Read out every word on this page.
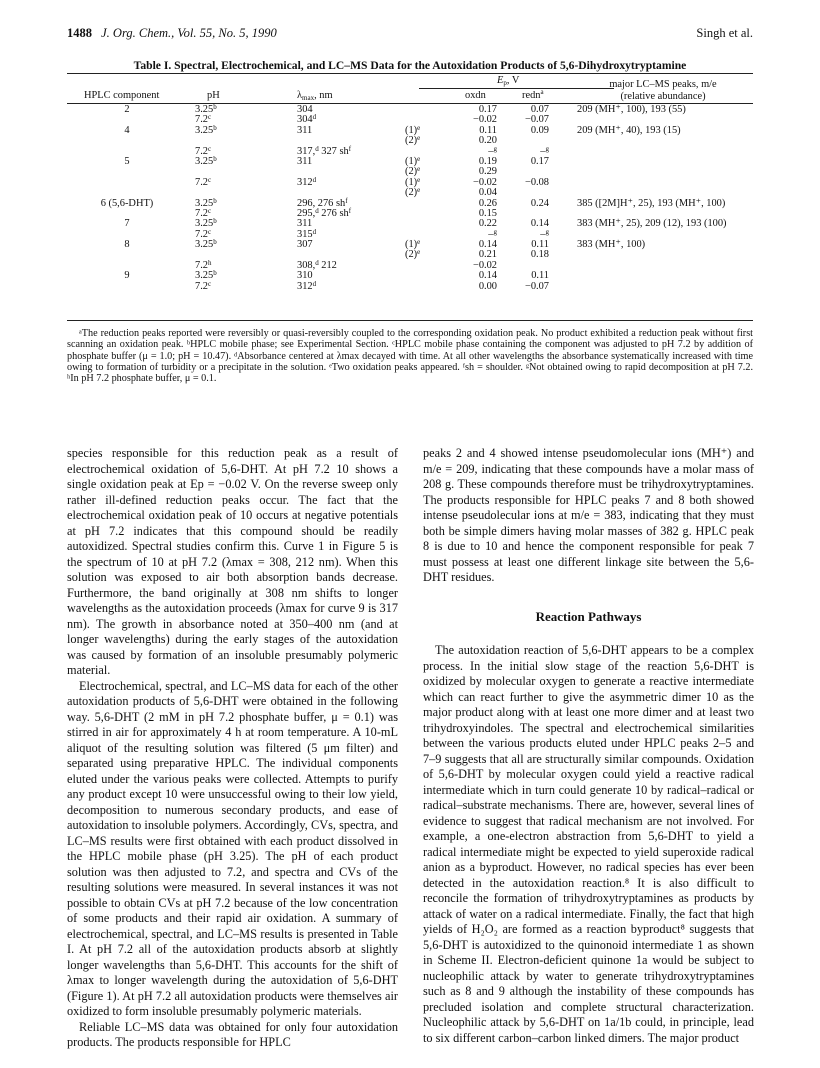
1488 J. Org. Chem., Vol. 55, No. 5, 1990	Singh et al.
Table I. Spectral, Electrochemical, and LC–MS Data for the Autoxidation Products of 5,6-Dihydroxytryptamine
$E_p$, V	major LC–MS peaks, m/e
(relative abundance)
HPLC component	pH	$\lambda_{max}$, nm	oxdn	redn$^a$
2	3.25$^b$	304	0.17	0.07	209 (MH⁺, 100), 193 (55)
7.2$^c$	$304^d$	−0.02	−0.07
4	3.25$^b$	311	$(1)^e$	0.11	0.09	209 (MH⁺, 40), 193 (15)
$(2)^e$	0.20
7.2$^c$	317,$^d$ 327 $sh^f$	–$^g$	–$^g$
5	3.25$^b$	311	$(1)^e$	0.19	0.17
$(2)^e$	0.29
7.2$^c$	312$^d$	$(1)^e$	−0.02	−0.08
$(2)^e$	0.04
6 (5,6-DHT)	3.25$^b$	296, 276 $sh^f$	0.26	0.24	385 ([2M]H⁺, 25), 193 (MH⁺, 100)
7.2$^c$	295,$^d$ 276 $sh^f$	0.15
7	3.25$^b$	311	0.22	0.14	383 (MH⁺, 25), 209 (12), 193 (100)
7.2$^c$	315$^d$	–$^g$	–$^g$
8	3.25$^b$	307	$(1)^e$	0.14	0.11	383 (MH⁺, 100)
$(2)^e$	0.21	0.18
7.2$^h$	308,$^d$ 212	−0.02
9	3.25$^b$	310	0.14	0.11
7.2$^c$	312$^d$	0.00	−0.07
ᵃThe reduction peaks reported were reversibly or quasi-reversibly coupled to the corresponding oxidation peak. No product exhibited a reduction peak without first scanning an oxidation peak. ᵇHPLC mobile phase; see Experimental Section. ᶜHPLC mobile phase containing the component was adjusted to pH 7.2 by addition of phosphate buffer (μ = 1.0; pH = 10.47). ᵈAbsorbance centered at λmax decayed with time. At all other wavelengths the absorbance systematically increased with time owing to formation of turbidity or a precipitate in the solution. ᵉTwo oxidation peaks appeared. ᶠsh = shoulder. ᵍNot obtained owing to rapid decomposition at pH 7.2. ʰIn pH 7.2 phosphate buffer, μ = 0.1.

species responsible for this reduction peak as a result of electrochemical oxidation of 5,6-DHT. At pH 7.2 10 shows a single oxidation peak at Ep = −0.02 V. On the reverse sweep only rather ill-defined reduction peaks occur. The fact that the electrochemical oxidation peak of 10 occurs at negative potentials at pH 7.2 indicates that this compound should be readily autoxidized. Spectral studies confirm this. Curve 1 in Figure 5 is the spectrum of 10 at pH 7.2 (λmax = 308, 212 nm). When this solution was exposed to air both absorption bands decrease. Furthermore, the band originally at 308 nm shifts to longer wavelengths as the autoxidation proceeds (λmax for curve 9 is 317 nm). The growth in absorbance noted at 350–400 nm (and at longer wavelengths) during the early stages of the autoxidation was caused by formation of an insoluble presumably polymeric material.

Electrochemical, spectral, and LC–MS data for each of the other autoxidation products of 5,6-DHT were obtained in the following way. 5,6-DHT (2 mM in pH 7.2 phosphate buffer, μ = 0.1) was stirred in air for approximately 4 h at room temperature. A 10-mL aliquot of the resulting solution was filtered (5 μm filter) and separated using preparative HPLC. The individual components eluted under the various peaks were collected. Attempts to purify any product except 10 were unsuccessful owing to their low yield, decomposition to numerous secondary products, and ease of autoxidation to insoluble polymers. Accordingly, CVs, spectra, and LC–MS results were first obtained with each product dissolved in the HPLC mobile phase (pH 3.25). The pH of each product solution was then adjusted to 7.2, and spectra and CVs of the resulting solutions were measured. In several instances it was not possible to obtain CVs at pH 7.2 because of the low concentration of some products and their rapid air oxidation. A summary of electrochemical, spectral, and LC–MS results is presented in Table I. At pH 7.2 all of the autoxidation products absorb at slightly longer wavelengths than 5,6-DHT. This accounts for the shift of λmax to longer wavelength during the autoxidation of 5,6-DHT (Figure 1). At pH 7.2 all autoxidation products were themselves air oxidized to form insoluble presumably polymeric materials.

Reliable LC–MS data was obtained for only four autoxidation products. The products responsible for HPLC

peaks 2 and 4 showed intense pseudomolecular ions (MH⁺) and m/e = 209, indicating that these compounds have a molar mass of 208 g. These compounds therefore must be trihydroxytryptamines. The products responsible for HPLC peaks 7 and 8 both showed intense pseudolecular ions at m/e = 383, indicating that they must both be simple dimers having molar masses of 382 g. HPLC peak 8 is due to 10 and hence the component responsible for peak 7 must possess at least one different linkage site between the 5,6-DHT residues.

Reaction Pathways

The autoxidation reaction of 5,6-DHT appears to be a complex process. In the initial slow stage of the reaction 5,6-DHT is oxidized by molecular oxygen to generate a reactive intermediate which can react further to give the asymmetric dimer 10 as the major product along with at least one more dimer and at least two trihydroxyindoles. The spectral and electrochemical similarities between the various products eluted under HPLC peaks 2–5 and 7–9 suggests that all are structurally similar compounds. Oxidation of 5,6-DHT by molecular oxygen could yield a reactive radical intermediate which in turn could generate 10 by radical–radical or radical–substrate mechanisms. There are, however, several lines of evidence to suggest that radical mechanism are not involved. For example, a one-electron abstraction from 5,6-DHT to yield a radical intermediate might be expected to yield superoxide radical anion as a byproduct. However, no radical species has ever been detected in the autoxidation reaction.⁸ It is also difficult to reconcile the formation of trihydroxytryptamines as products by attack of water on a radical intermediate. Finally, the fact that high yields of H₂O₂ are formed as a reaction byproduct⁸ suggests that 5,6-DHT is autoxidized to the quinonoid intermediate 1 as shown in Scheme II. Electron-deficient quinone 1a would be subject to nucleophilic attack by water to generate trihydroxytryptamines such as 8 and 9 although the instability of these compounds has precluded isolation and complete structural characterization. Nucleophilic attack by 5,6-DHT on 1a/1b could, in principle, lead to six different carbon–carbon linked dimers. The major product
